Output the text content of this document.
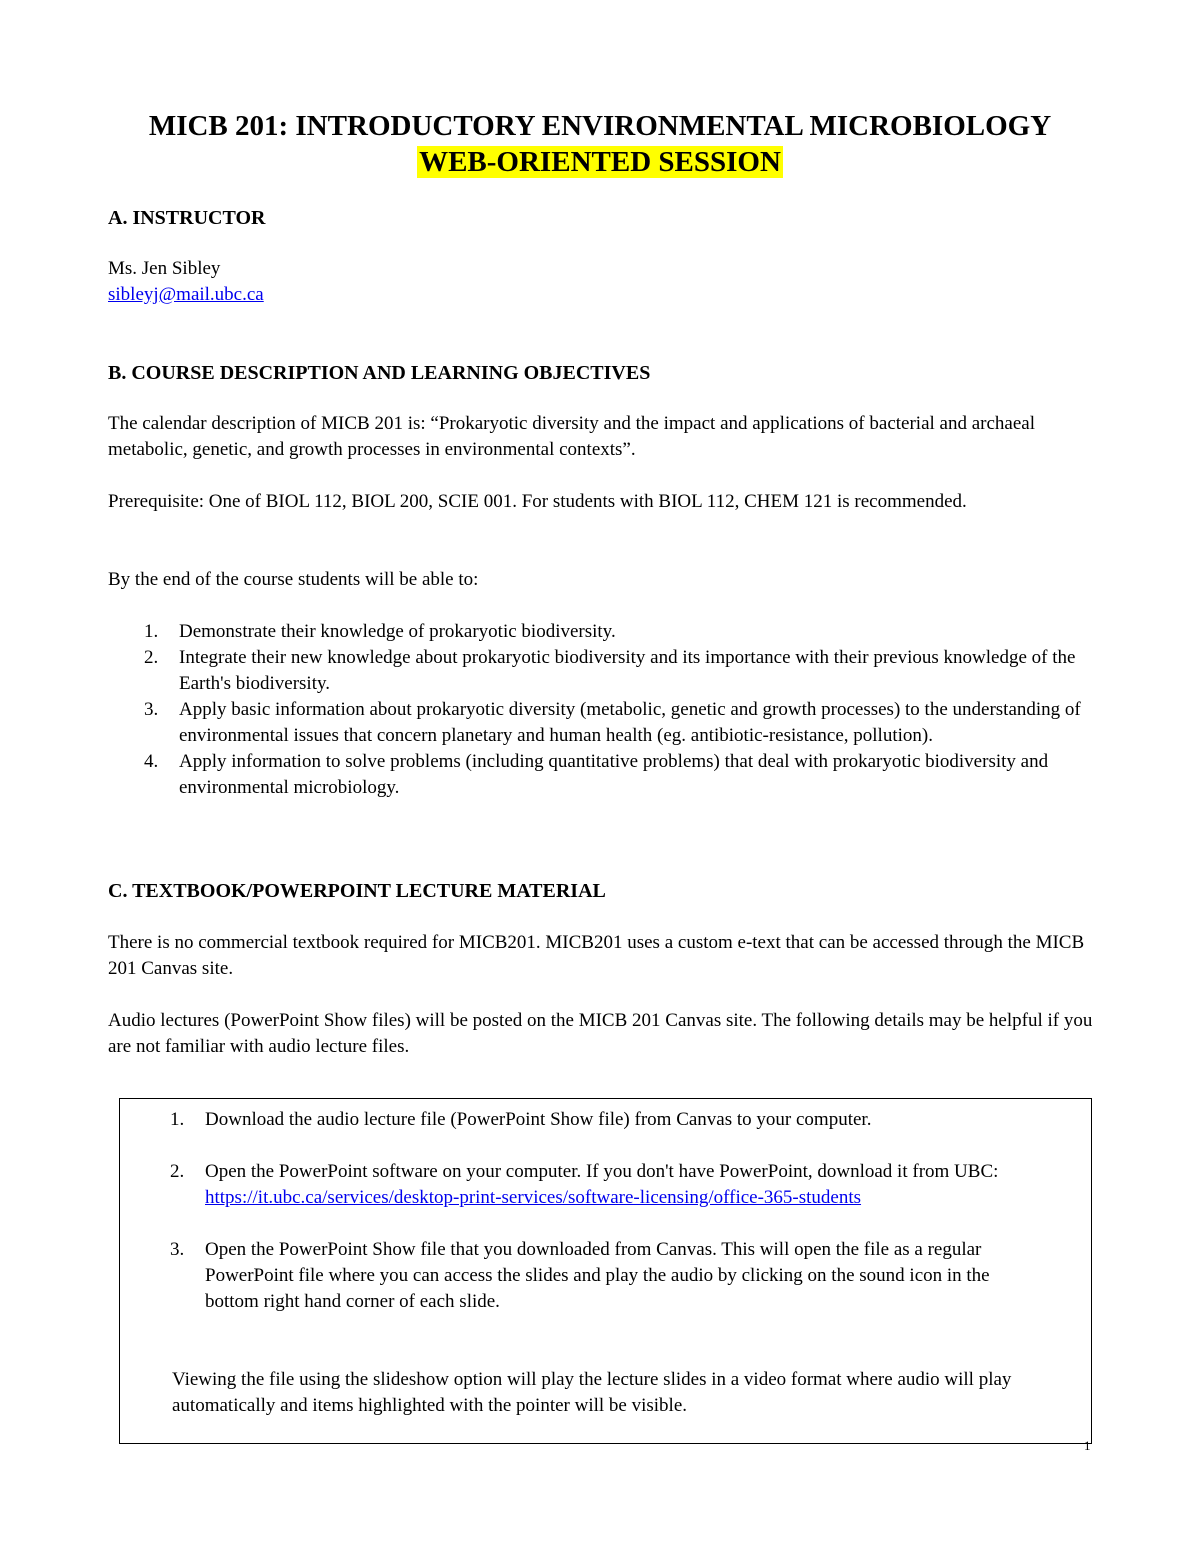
MICB 201: INTRODUCTORY ENVIRONMENTAL MICROBIOLOGY
WEB-ORIENTED SESSION
A. INSTRUCTOR

Ms. Jen Sibley

sibleyj@mail.ubc.ca

B. COURSE DESCRIPTION AND LEARNING OBJECTIVES

The calendar description of MICB 201 is: “Prokaryotic diversity and the impact and applications of bacterial and archaeal metabolic, genetic, and growth processes in environmental contexts”.

Prerequisite: One of BIOL 112, BIOL 200, SCIE 001. For students with BIOL 112, CHEM 121 is recommended.

By the end of the course students will be able to:

1. Demonstrate their knowledge of prokaryotic biodiversity.
2. Integrate their new knowledge about prokaryotic biodiversity and its importance with their previous knowledge of the Earth's biodiversity.
3. Apply basic information about prokaryotic diversity (metabolic, genetic and growth processes) to the understanding of environmental issues that concern planetary and human health (eg. antibiotic-resistance, pollution).
4. Apply information to solve problems (including quantitative problems) that deal with prokaryotic biodiversity and environmental microbiology.
C. TEXTBOOK/POWERPOINT LECTURE MATERIAL

There is no commercial textbook required for MICB201. MICB201 uses a custom e-text that can be accessed through the MICB 201 Canvas site.

Audio lectures (PowerPoint Show files) will be posted on the MICB 201 Canvas site. The following details may be helpful if you are not familiar with audio lecture files.

1. Download the audio lecture file (PowerPoint Show file) from Canvas to your computer.
2. Open the PowerPoint software on your computer. If you don't have PowerPoint, download it from UBC: https://it.ubc.ca/services/desktop-print-services/software-licensing/office-365-students
3. Open the PowerPoint Show file that you downloaded from Canvas. This will open the file as a regular PowerPoint file where you can access the slides and play the audio by clicking on the sound icon in the bottom right hand corner of each slide.

Viewing the file using the slideshow option will play the lecture slides in a video format where audio will play automatically and items highlighted with the pointer will be visible.

1
